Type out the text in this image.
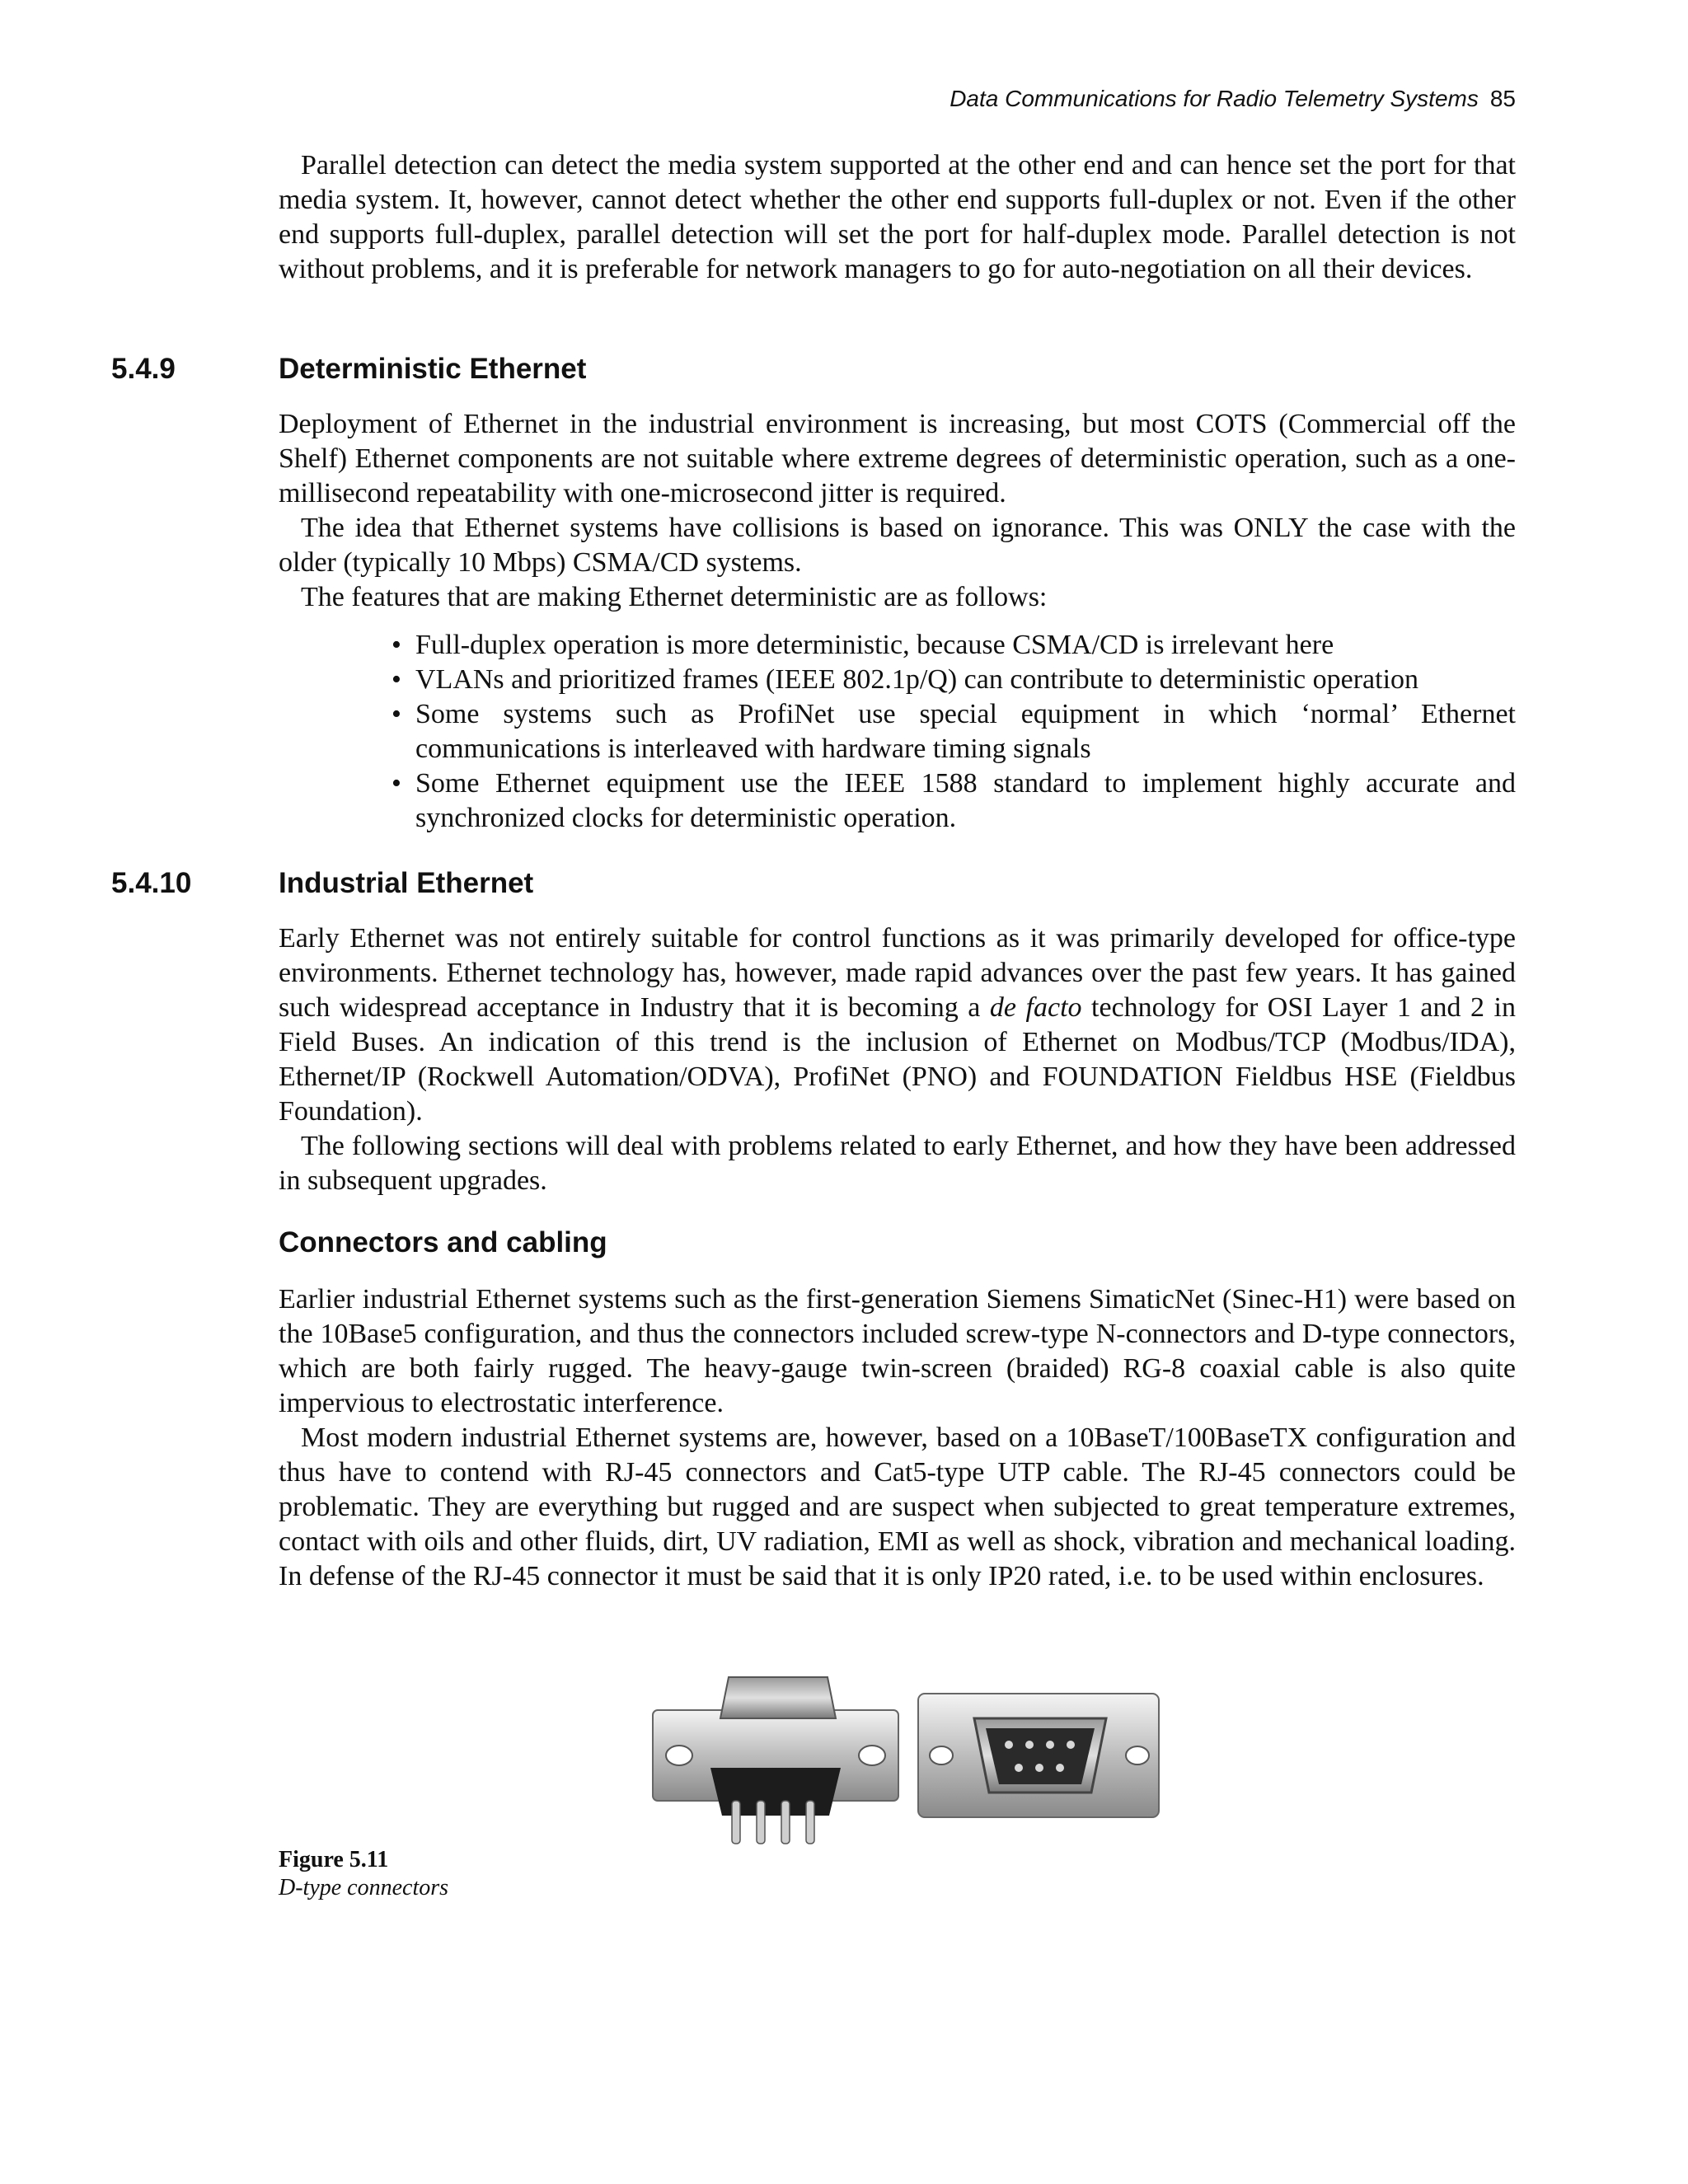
Data Communications for Radio Telemetry Systems 85

Parallel detection can detect the media system supported at the other end and can hence set the port for that media system. It, however, cannot detect whether the other end supports full-duplex or not. Even if the other end supports full-duplex, parallel detection will set the port for half-duplex mode. Parallel detection is not without problems, and it is preferable for network managers to go for auto-negotiation on all their devices.

5.4.9	Deterministic Ethernet

Deployment of Ethernet in the industrial environment is increasing, but most COTS (Commercial off the Shelf) Ethernet components are not suitable where extreme degrees of deterministic operation, such as a one-millisecond repeatability with one-microsecond jitter is required.

The idea that Ethernet systems have collisions is based on ignorance. This was ONLY the case with the older (typically 10 Mbps) CSMA/CD systems.

The features that are making Ethernet deterministic are as follows:

• Full-duplex operation is more deterministic, because CSMA/CD is irrelevant here
• VLANs and prioritized frames (IEEE 802.1p/Q) can contribute to deterministic operation
• Some systems such as ProfiNet use special equipment in which ‘normal’ Ethernet communications is interleaved with hardware timing signals
• Some Ethernet equipment use the IEEE 1588 standard to implement highly accurate and synchronized clocks for deterministic operation.
5.4.10	Industrial Ethernet

Early Ethernet was not entirely suitable for control functions as it was primarily developed for office-type environments. Ethernet technology has, however, made rapid advances over the past few years. It has gained such widespread acceptance in Industry that it is becoming a de facto technology for OSI Layer 1 and 2 in Field Buses. An indication of this trend is the inclusion of Ethernet on Modbus/TCP (Modbus/IDA), Ethernet/IP (Rockwell Automation/ODVA), ProfiNet (PNO) and FOUNDATION Fieldbus HSE (Fieldbus Foundation).

The following sections will deal with problems related to early Ethernet, and how they have been addressed in subsequent upgrades.

Connectors and cabling

Earlier industrial Ethernet systems such as the first-generation Siemens SimaticNet (Sinec-H1) were based on the 10Base5 configuration, and thus the connectors included screw-type N-connectors and D-type connectors, which are both fairly rugged. The heavy-gauge twin-screen (braided) RG-8 coaxial cable is also quite impervious to electrostatic interference.

Most modern industrial Ethernet systems are, however, based on a 10BaseT/100BaseTX configuration and thus have to contend with RJ-45 connectors and Cat5-type UTP cable. The RJ-45 connectors could be problematic. They are everything but rugged and are suspect when subjected to great temperature extremes, contact with oils and other fluids, dirt, UV radiation, EMI as well as shock, vibration and mechanical loading. In defense of the RJ-45 connector it must be said that it is only IP20 rated, i.e. to be used within enclosures.

Figure 5.11
D-type connectors
